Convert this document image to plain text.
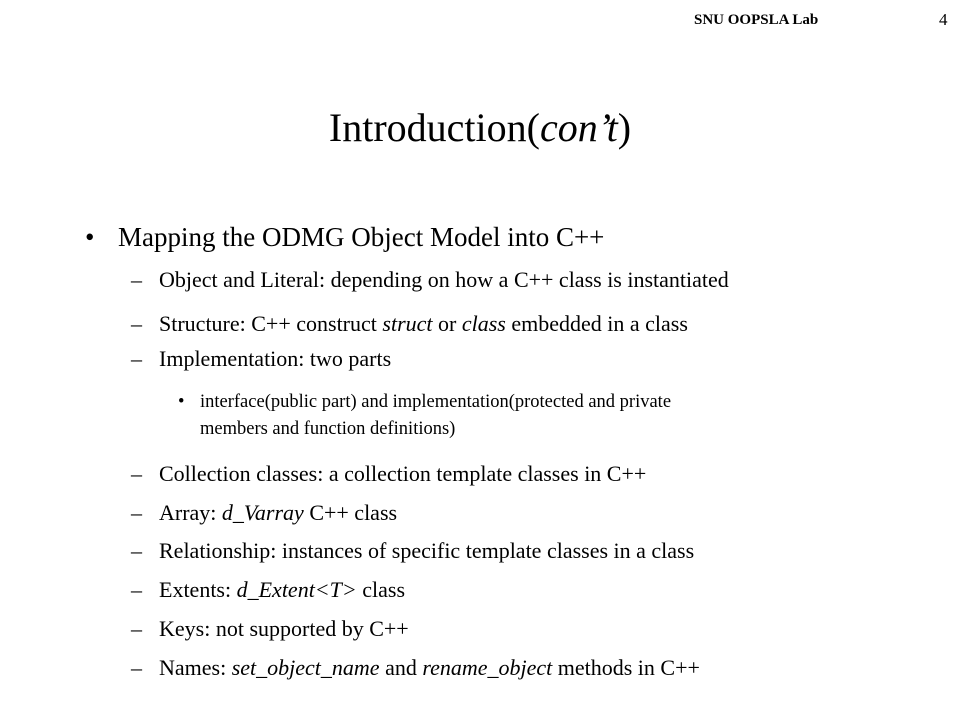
SNU OOPSLA Lab	4
Introduction(con’t)
• Mapping the ODMG Object Model into C++
– Object and Literal: depending on how a C++ class is instantiated
– Structure: C++ construct struct or class embedded in a class
– Implementation: two parts
• interface(public part) and implementation(protected and private
members and function definitions)
– Collection classes: a collection template classes in C++
– Array: d_Varray C++ class
– Relationship: instances of specific template classes in a class
– Extents: d_Extent<T> class
– Keys: not supported by C++
– Names: set_object_name and rename_object methods in C++
